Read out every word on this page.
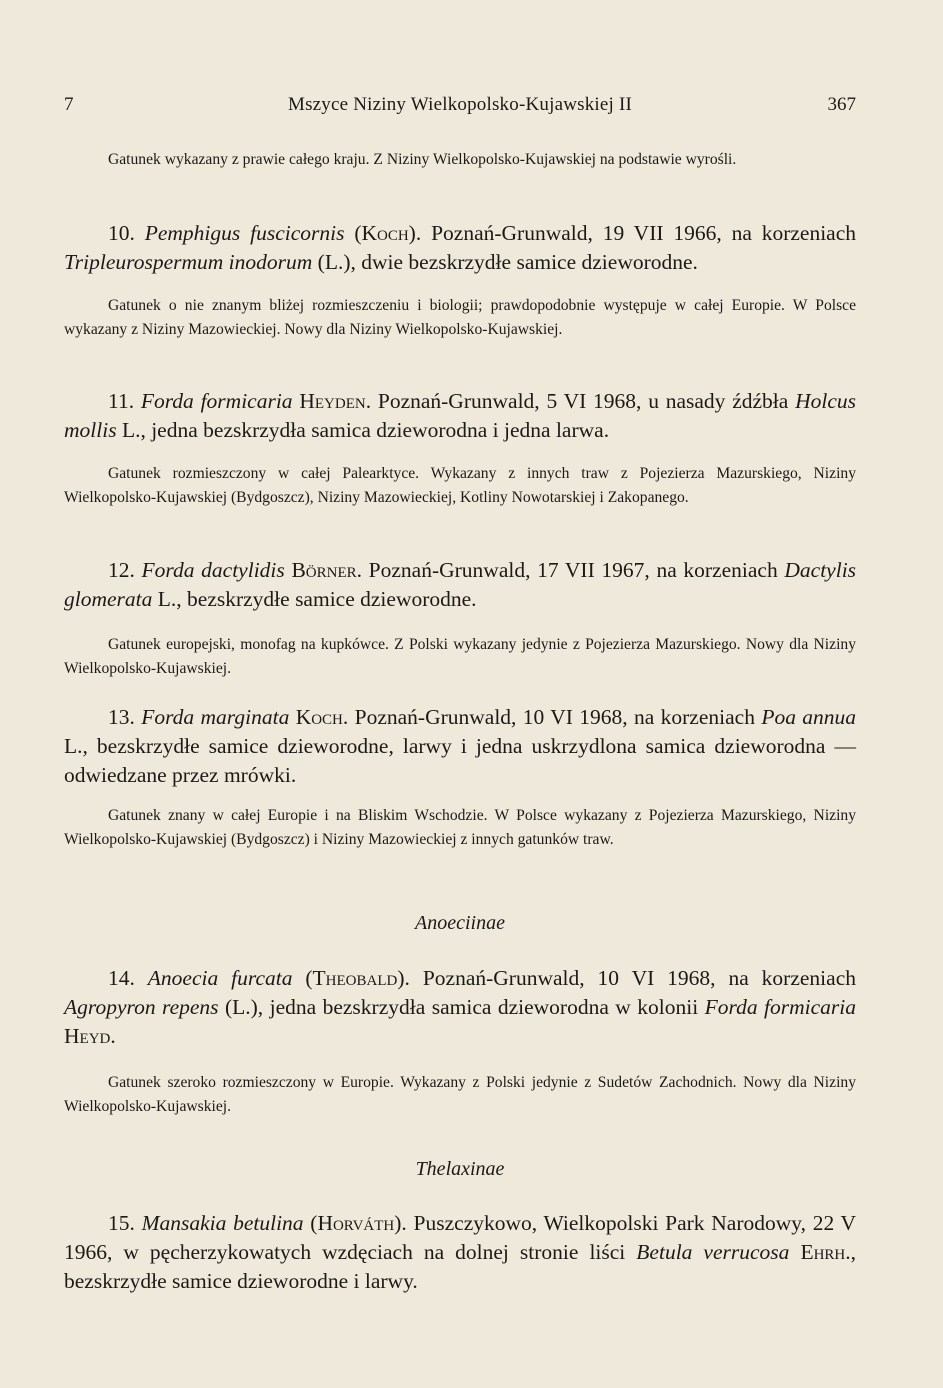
7	Mszyce Niziny Wielkopolsko-Kujawskiej II	367

Gatunek wykazany z prawie całego kraju. Z Niziny Wielkopolsko-Kujawskiej na podstawie wyrośli.

10. Pemphigus fuscicornis (Koch). Poznań-Grunwald, 19 VII 1966, na korzeniach Tripleurospermum inodorum (L.), dwie bezskrzydłe samice dzieworodne.

Gatunek o nie znanym bliżej rozmieszczeniu i biologii; prawdopodobnie występuje w całej Europie. W Polsce wykazany z Niziny Mazowieckiej. Nowy dla Niziny Wielkopolsko-Kujawskiej.

11. Forda formicaria Heyden. Poznań-Grunwald, 5 VI 1968, u nasady źdźbła Holcus mollis L., jedna bezskrzydła samica dzieworodna i jedna larwa.

Gatunek rozmieszczony w całej Palearktyce. Wykazany z innych traw z Pojezierza Mazurskiego, Niziny Wielkopolsko-Kujawskiej (Bydgoszcz), Niziny Mazowieckiej, Kotliny Nowotarskiej i Zakopanego.

12. Forda dactylidis Börner. Poznań-Grunwald, 17 VII 1967, na korzeniach Dactylis glomerata L., bezskrzydłe samice dzieworodne.

Gatunek europejski, monofag na kupkówce. Z Polski wykazany jedynie z Pojezierza Mazurskiego. Nowy dla Niziny Wielkopolsko-Kujawskiej.

13. Forda marginata Koch. Poznań-Grunwald, 10 VI 1968, na korzeniach Poa annua L., bezskrzydłe samice dzieworodne, larwy i jedna uskrzydlona samica dzieworodna — odwiedzane przez mrówki.

Gatunek znany w całej Europie i na Bliskim Wschodzie. W Polsce wykazany z Pojezierza Mazurskiego, Niziny Wielkopolsko-Kujawskiej (Bydgoszcz) i Niziny Mazowieckiej z innych gatunków traw.

Anoeciinae

14. Anoecia furcata (Theobald). Poznań-Grunwald, 10 VI 1968, na korzeniach Agropyron repens (L.), jedna bezskrzydła samica dzieworodna w kolonii Forda formicaria Heyd.

Gatunek szeroko rozmieszczony w Europie. Wykazany z Polski jedynie z Sudetów Zachodnich. Nowy dla Niziny Wielkopolsko-Kujawskiej.

Thelaxinae

15. Mansakia betulina (Horváth). Puszczykowo, Wielkopolski Park Narodowy, 22 V 1966, w pęcherzykowatych wzdęciach na dolnej stronie liści Betula verrucosa Ehrh., bezskrzydłe samice dzieworodne i larwy.
